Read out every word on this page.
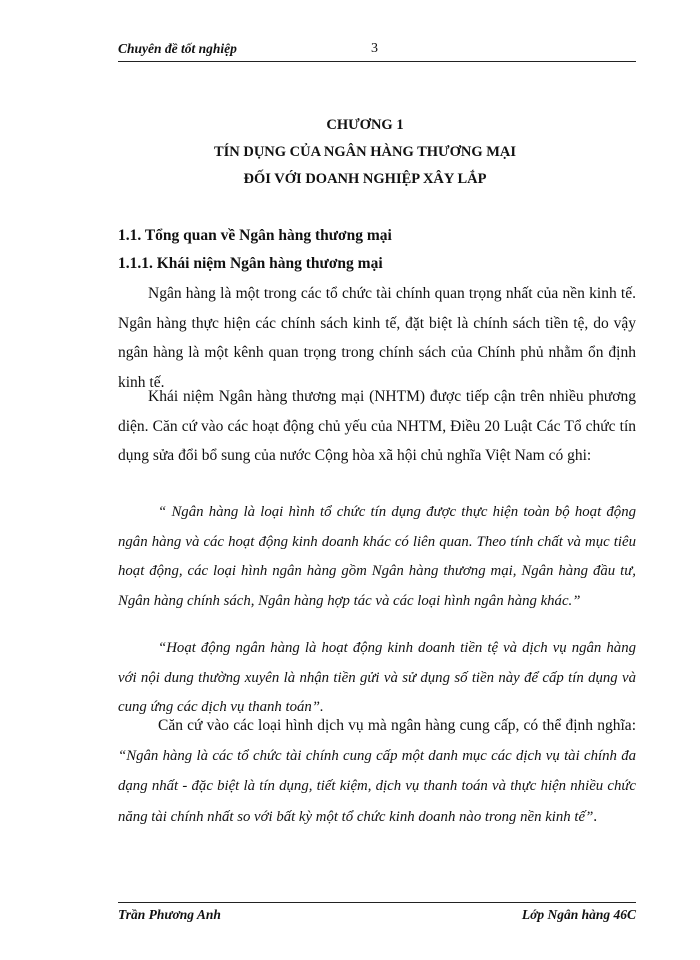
Chuyên đề tốt nghiệp	3
CHƯƠNG 1
TÍN DỤNG CỦA NGÂN HÀNG THƯƠNG MẠI
ĐỐI VỚI DOANH NGHIỆP XÂY LẮP
1.1. Tổng quan về Ngân hàng thương mại
1.1.1. Khái niệm Ngân hàng thương mại
Ngân hàng là một trong các tổ chức tài chính quan trọng nhất của nền kinh tế. Ngân hàng thực hiện các chính sách kinh tế, đặt biệt là chính sách tiền tệ, do vậy ngân hàng là một kênh quan trọng trong chính sách của Chính phủ nhằm ổn định kinh tế.
Khái niệm Ngân hàng thương mại (NHTM) được tiếp cận trên nhiều phương diện. Căn cứ vào các hoạt động chủ yếu của NHTM, Điều 20 Luật Các Tổ chức tín dụng sửa đổi bổ sung của nước Cộng hòa xã hội chủ nghĩa Việt Nam có ghi:
“ Ngân hàng là loại hình tổ chức tín dụng được thực hiện toàn bộ hoạt động ngân hàng và các hoạt động kinh doanh khác có liên quan. Theo tính chất và mục tiêu hoạt động, các loại hình ngân hàng gồm Ngân hàng thương mại, Ngân hàng đầu tư, Ngân hàng chính sách, Ngân hàng hợp tác và các loại hình ngân hàng khác.”
“Hoạt động ngân hàng là hoạt động kinh doanh tiền tệ và dịch vụ ngân hàng với nội dung thường xuyên là nhận tiền gửi và sử dụng số tiền này để cấp tín dụng và cung ứng các dịch vụ thanh toán”.
Căn cứ vào các loại hình dịch vụ mà ngân hàng cung cấp, có thể định nghĩa: “Ngân hàng là các tổ chức tài chính cung cấp một danh mục các dịch vụ tài chính đa dạng nhất - đặc biệt là tín dụng, tiết kiệm, dịch vụ thanh toán và thực hiện nhiều chức năng tài chính nhất so với bất kỳ một tổ chức kinh doanh nào trong nền kinh tế”.
Trần Phương Anh	Lớp Ngân hàng 46C
